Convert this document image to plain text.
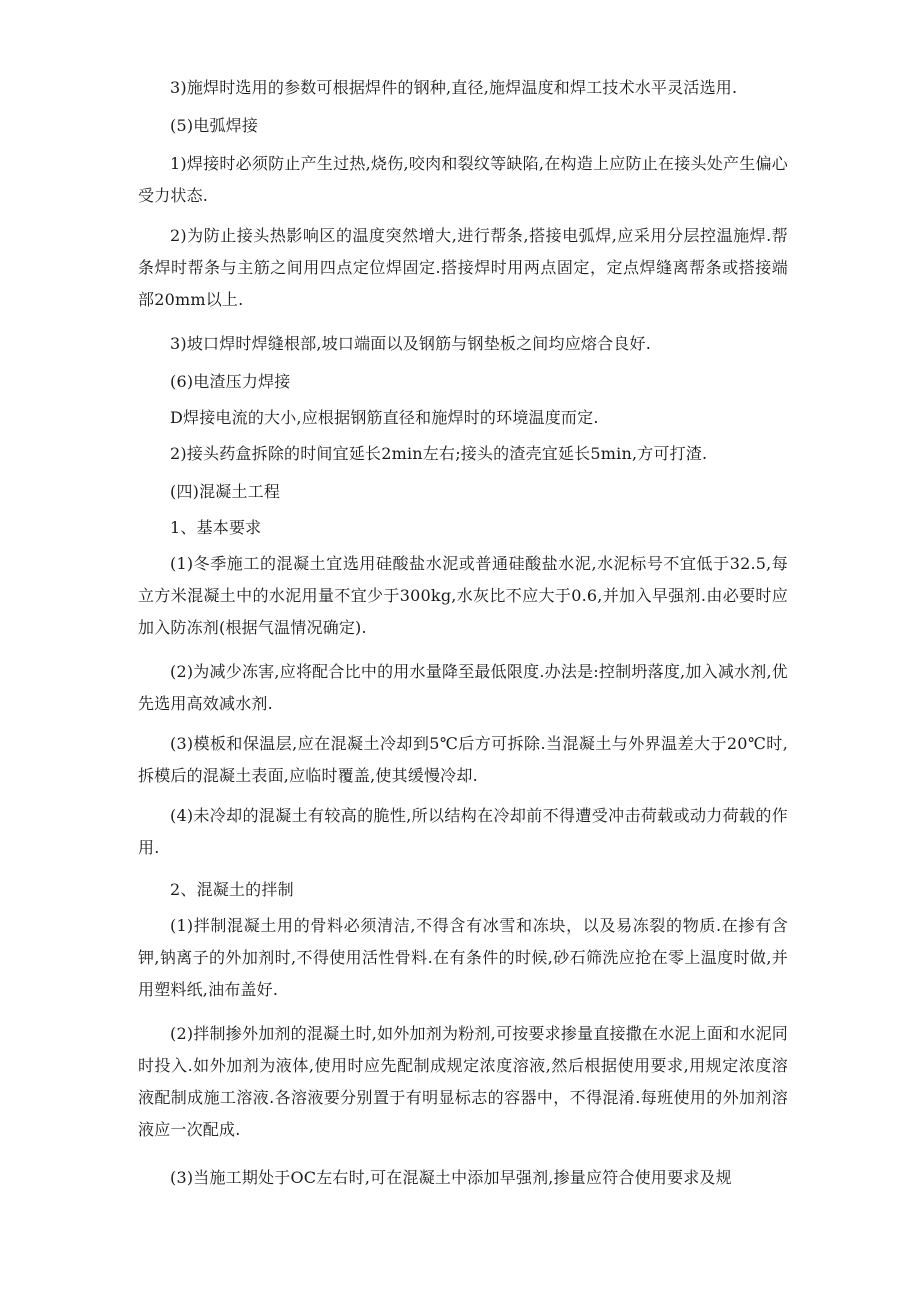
3)施焊时选用的参数可根据焊件的钢种,直径,施焊温度和焊工技术水平灵活选用.

(5)电弧焊接

1)焊接时必须防止产生过热,烧伤,咬肉和裂纹等缺陷,在构造上应防止在接头处产生偏心受力状态.

2)为防止接头热影响区的温度突然增大,进行帮条,搭接电弧焊,应采用分层控温施焊.帮条焊时帮条与主筋之间用四点定位焊固定.搭接焊时用两点固定，定点焊缝离帮条或搭接端部20mm以上.

3)坡口焊时焊缝根部,坡口端面以及钢筋与钢垫板之间均应熔合良好.

(6)电渣压力焊接

D焊接电流的大小,应根据钢筋直径和施焊时的环境温度而定.

2)接头药盒拆除的时间宜延长2min左右;接头的渣壳宜延长5min,方可打渣.

(四)混凝土工程

1、基本要求

(1)冬季施工的混凝土宜选用硅酸盐水泥或普通硅酸盐水泥,水泥标号不宜低于32.5,每立方米混凝土中的水泥用量不宜少于300kg,水灰比不应大于0.6,并加入早强剂.由必要时应加入防冻剂(根据气温情况确定).

(2)为减少冻害,应将配合比中的用水量降至最低限度.办法是:控制坍落度,加入减水剂,优先选用高效减水剂.

(3)模板和保温层,应在混凝土冷却到5℃后方可拆除.当混凝土与外界温差大于20℃时,拆模后的混凝土表面,应临时覆盖,使其缓慢冷却.

(4)未冷却的混凝土有较高的脆性,所以结构在冷却前不得遭受冲击荷载或动力荷载的作用.

2、混凝土的拌制

(1)拌制混凝土用的骨料必须清洁,不得含有冰雪和冻块，以及易冻裂的物质.在掺有含钾,钠离子的外加剂时,不得使用活性骨料.在有条件的时候,砂石筛洗应抢在零上温度时做,并用塑料纸,油布盖好.

(2)拌制掺外加剂的混凝土时,如外加剂为粉剂,可按要求掺量直接撒在水泥上面和水泥同时投入.如外加剂为液体,使用时应先配制成规定浓度溶液,然后根据使用要求,用规定浓度溶液配制成施工溶液.各溶液要分别置于有明显标志的容器中，不得混淆.每班使用的外加剂溶液应一次配成.

(3)当施工期处于OC左右时,可在混凝土中添加早强剂,掺量应符合使用要求及规
